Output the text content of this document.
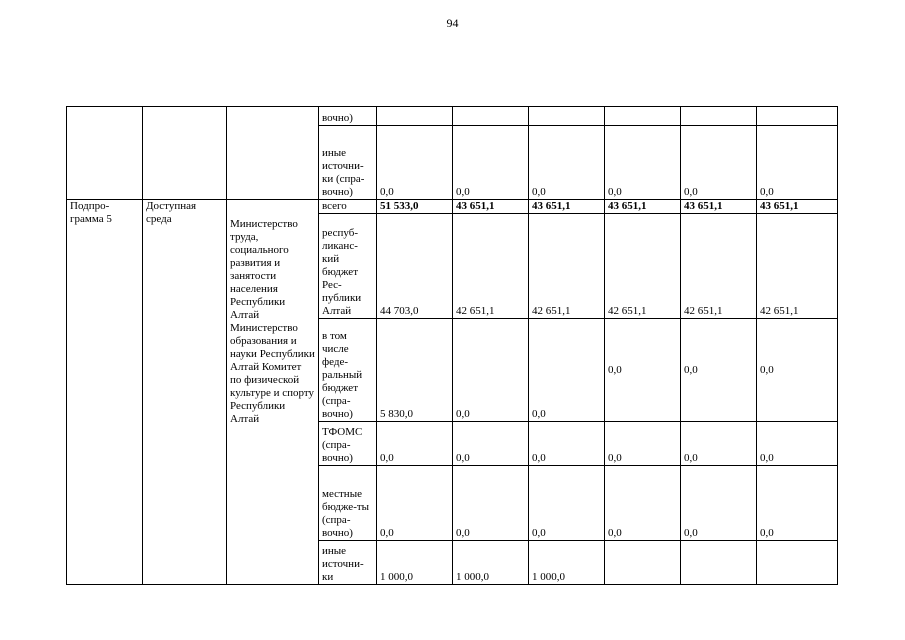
94
			вочно)						
			иные источни-ки (спра-вочно)	0,0	0,0	0,0	0,0	0,0	0,0
Подпро-грамма 5	Доступная среда	Министерство труда, социального развития и занятости населения Республики Алтай Министерство образования и науки Республики Алтай Комитет по физической культуре и спорту Республики Алтай	всего	51 533,0	43 651,1	43 651,1	43 651,1	43 651,1	43 651,1
			респуб-ликанс-кий бюджет Рес-публики Алтай	44 703,0	42 651,1	42 651,1	42 651,1	42 651,1	42 651,1
			в том числе феде-ральный бюджет (спра-вочно)	5 830,0	0,0	0,0	0,0	0,0	0,0
			ТФОМС (спра-вочно)	0,0	0,0	0,0	0,0	0,0	0,0
			местные бюдже-ты (спра-вочно)	0,0	0,0	0,0	0,0	0,0	0,0
			иные источни-ки	1 000,0	1 000,0	1 000,0			
